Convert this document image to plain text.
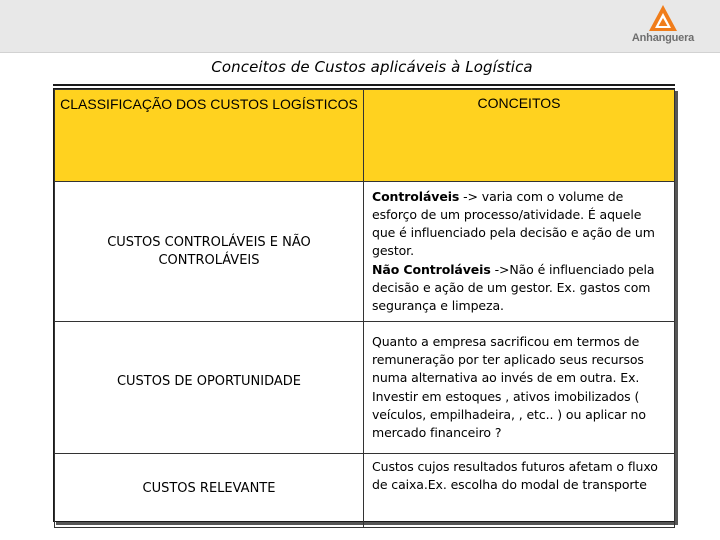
Anhanguera
Conceitos de Custos aplicáveis à Logística
CLASSIFICAÇÃO DOS CUSTOS LOGÍSTICOS	CONCEITOS
CUSTOS CONTROLÁVEIS E NÃO CONTROLÁVEIS	Controláveis -> varia com o volume de esforço de um processo/atividade. É aquele que é influenciado pela decisão e ação de um gestor.

Não Controláveis ->Não é influenciado pela decisão e ação de um gestor. Ex. gastos com segurança e limpeza.

CUSTOS DE OPORTUNIDADE	Quanto a empresa sacrificou em termos de remuneração por ter aplicado seus recursos numa alternativa ao invés de em outra. Ex. Investir em estoques , ativos imobilizados ( veículos, empilhadeira, , etc.. ) ou aplicar no mercado financeiro ?
CUSTOS RELEVANTE	Custos cujos resultados futuros afetam o fluxo de caixa.Ex. escolha do modal de transporte
